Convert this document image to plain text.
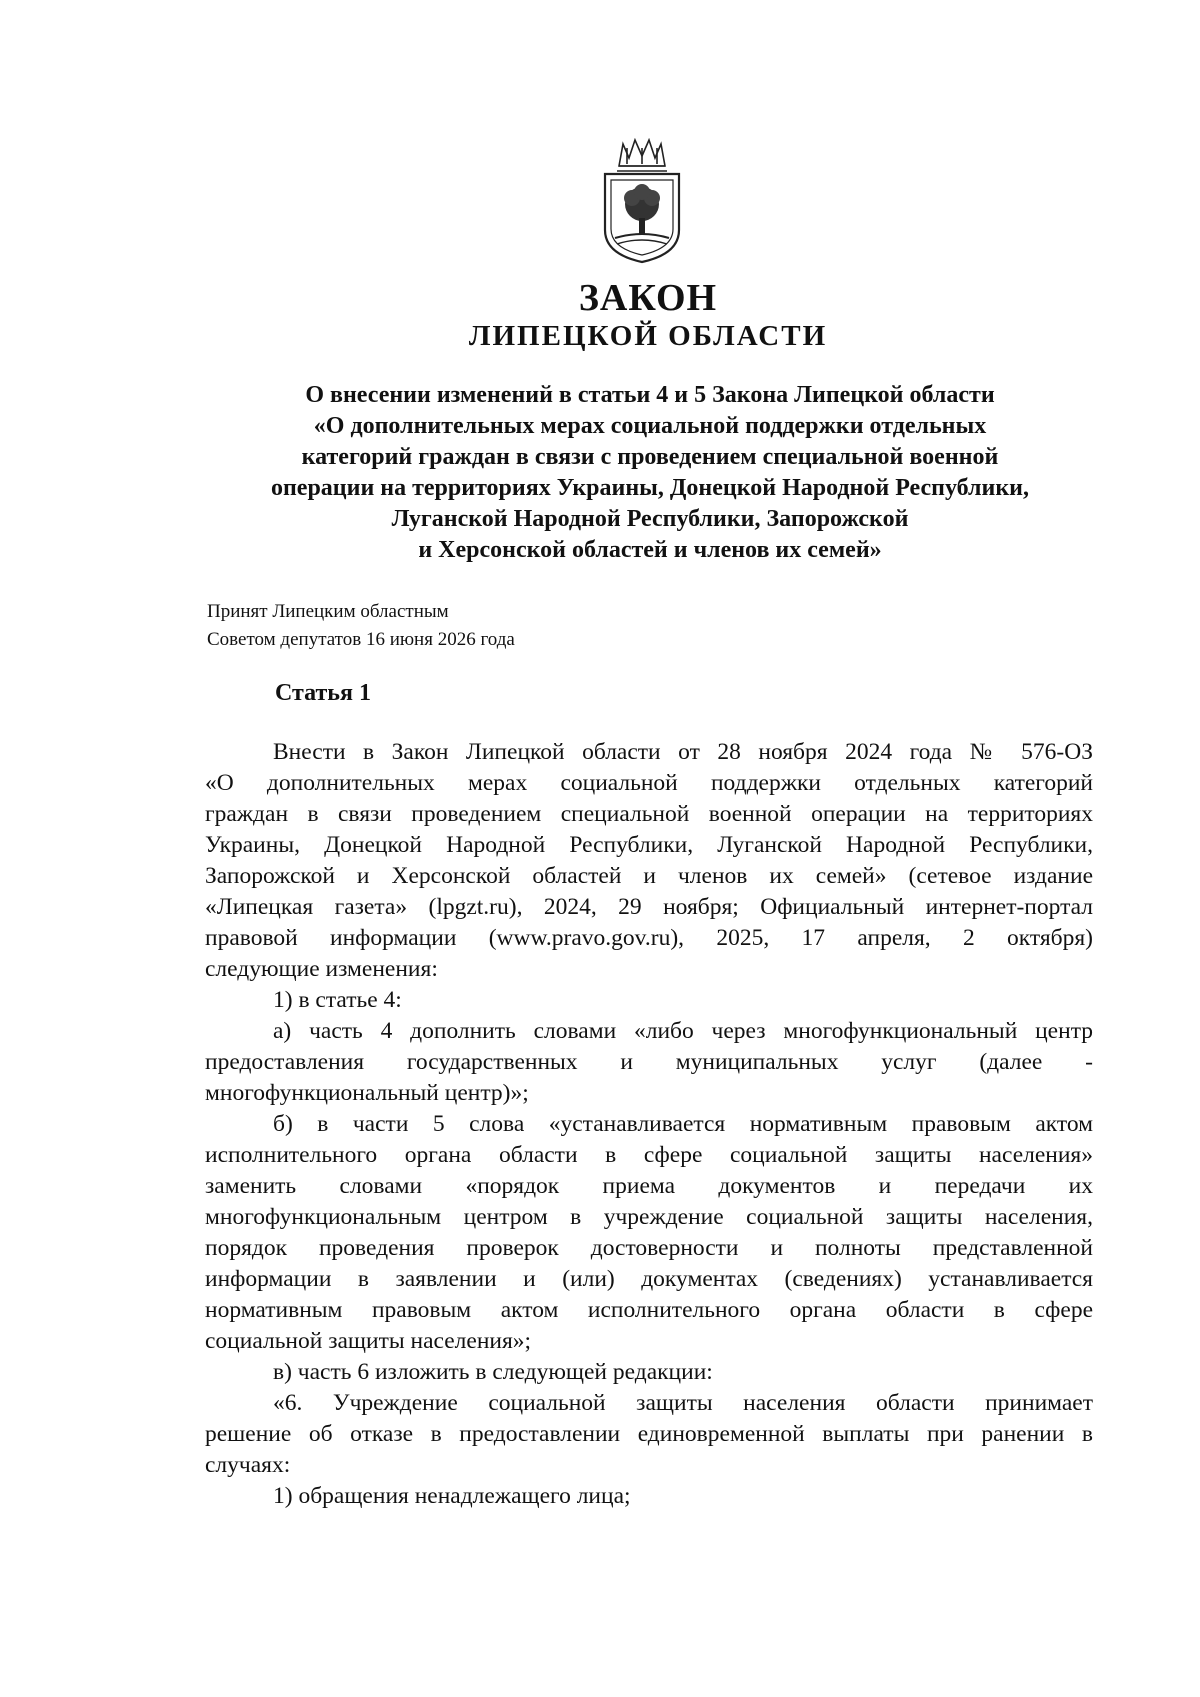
ЗАКОН
ЛИПЕЦКОЙ ОБЛАСТИ
О внесении изменений в статьи 4 и 5 Закона Липецкой области
«О дополнительных мерах социальной поддержки отдельных
категорий граждан в связи с проведением специальной военной
операции на территориях Украины, Донецкой Народной Республики,
Луганской Народной Республики, Запорожской
и Херсонской областей и членов их семей»

Принят Липецким областным
Советом депутатов 16 июня 2026 года

Статья 1

Внести в Закон Липецкой области от 28 ноября 2024 года № 576-ОЗ

«О дополнительных мерах социальной поддержки отдельных категорий

граждан в связи проведением специальной военной операции на территориях

Украины, Донецкой Народной Республики, Луганской Народной Республики,

Запорожской и Херсонской областей и членов их семей» (сетевое издание

«Липецкая газета» (lpgzt.ru), 2024, 29 ноября; Официальный интернет-портал

правовой информации (www.pravo.gov.ru), 2025, 17 апреля, 2 октября)

следующие изменения:

1) в статье 4:

а) часть 4 дополнить словами «либо через многофункциональный центр

предоставления государственных и муниципальных услуг (далее -

многофункциональный центр)»;

б) в части 5 слова «устанавливается нормативным правовым актом

исполнительного органа области в сфере социальной защиты населения»

заменить словами «порядок приема документов и передачи их

многофункциональным центром в учреждение социальной защиты населения,

порядок проведения проверок достоверности и полноты представленной

информации в заявлении и (или) документах (сведениях) устанавливается

нормативным правовым актом исполнительного органа области в сфере

социальной защиты населения»;

в) часть 6 изложить в следующей редакции:

«6. Учреждение социальной защиты населения области принимает

решение об отказе в предоставлении единовременной выплаты при ранении в

случаях:

1) обращения ненадлежащего лица;
